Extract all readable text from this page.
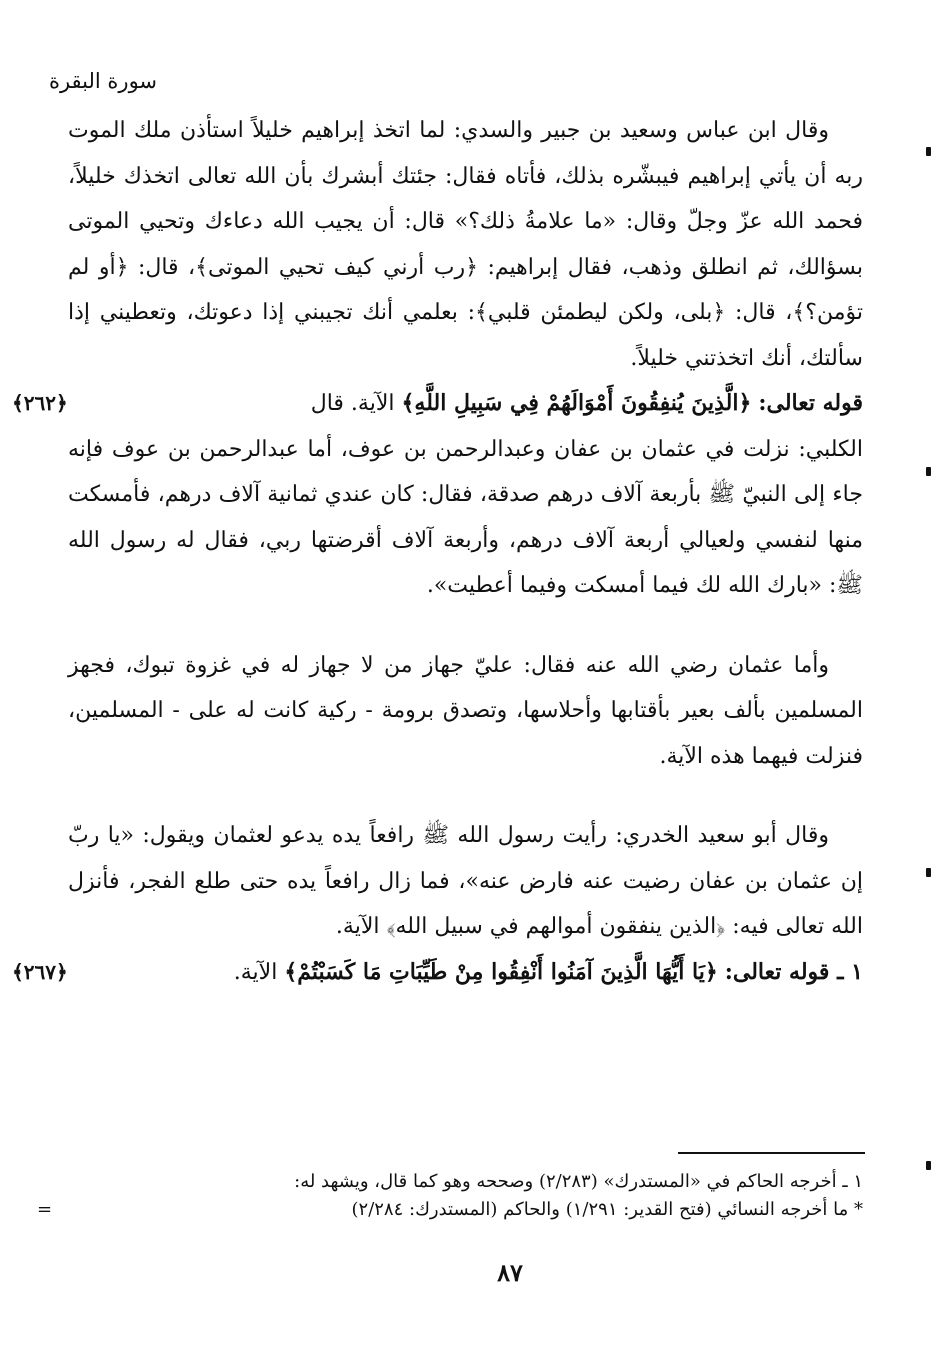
سورة البقرة

وقال ابن عباس وسعيد بن جبير والسدي: لما اتخذ إبراهيم خليلاً استأذن ملك الموت ربه أن يأتي إبراهيم فيبشّره بذلك، فأتاه فقال: جئتك أبشرك بأن الله تعالى اتخذك خليلاً، فحمد الله عزّ وجلّ وقال: «ما علامةُ ذلك؟» قال: أن يجيب الله دعاءك وتحيي الموتى بسؤالك، ثم انطلق وذهب، فقال إبراهيم: ﴿رب أرني كيف تحيي الموتى﴾، قال: ﴿أو لم تؤمن؟﴾، قال: ﴿بلى، ولكن ليطمئن قلبي﴾: بعلمي أنك تجيبني إذا دعوتك، وتعطيني إذا سألتك، أنك اتخذتني خليلاً.

قوله تعالى: ﴿الَّذِينَ يُنفِقُونَ أَمْوَالَهُمْ فِي سَبِيلِ اللَّهِ﴾ الآية. قال
﴿٢٦٢﴾

الكلبي: نزلت في عثمان بن عفان وعبدالرحمن بن عوف، أما عبدالرحمن بن عوف فإنه جاء إلى النبيّ ﷺ بأربعة آلاف درهم صدقة، فقال: كان عندي ثمانية آلاف درهم، فأمسكت منها لنفسي ولعيالي أربعة آلاف درهم، وأربعة آلاف أقرضتها ربي، فقال له رسول الله ﷺ: «بارك الله لك فيما أمسكت وفيما أعطيت».

وأما عثمان رضي الله عنه فقال: عليّ جهاز من لا جهاز له في غزوة تبوك، فجهز المسلمين بألف بعير بأقتابها وأحلاسها، وتصدق برومة - ركية كانت له على - المسلمين، فنزلت فيهما هذه الآية.

وقال أبو سعيد الخدري: رأيت رسول الله ﷺ رافعاً يده يدعو لعثمان ويقول: «يا ربّ إن عثمان بن عفان رضيت عنه فارض عنه»، فما زال رافعاً يده حتى طلع الفجر، فأنزل الله تعالى فيه: ﴿الذين ينفقون أموالهم في سبيل الله﴾ الآية.

١ ـ قوله تعالى: ﴿يَا أَيُّهَا الَّذِينَ آمَنُوا أَنْفِقُوا مِنْ طَيِّبَاتِ مَا كَسَبْتُمْ﴾ الآية.
﴿٢٦٧﴾

١ ـ أخرجه الحاكم في «المستدرك» (٢/٢٨٣) وصححه وهو كما قال، ويشهد له:

* ما أخرجه النسائي (فتح القدير: ١/٢٩١) والحاكم (المستدرك: ٢/٢٨٤)
=

٨٧
